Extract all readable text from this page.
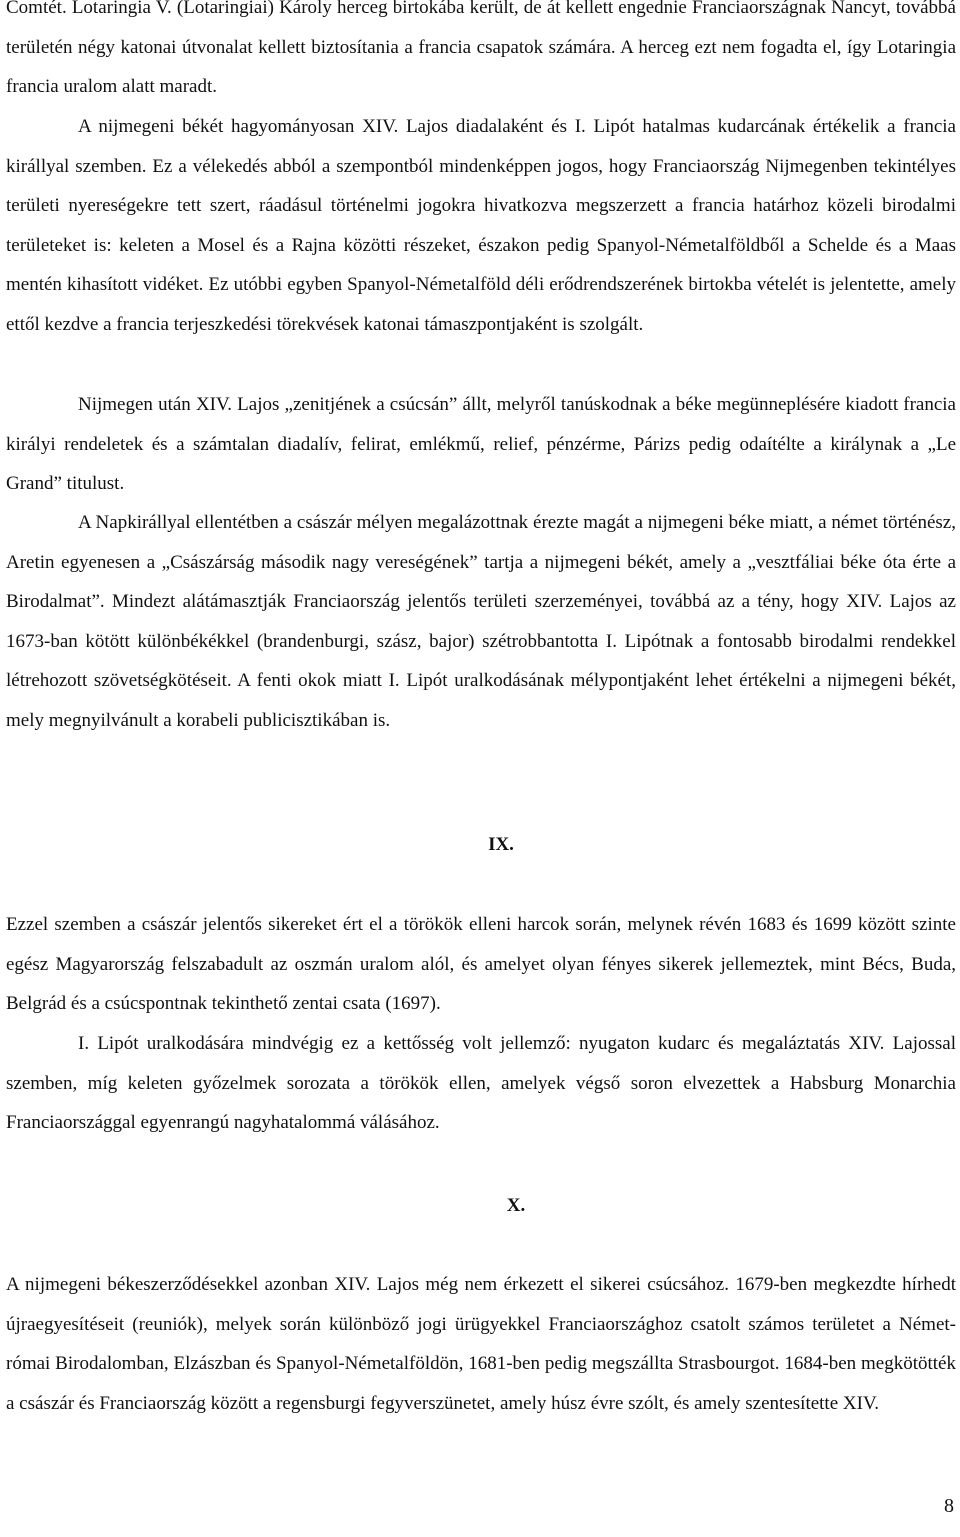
Comtét. Lotaringia V. (Lotaringiai) Károly herceg birtokába került, de át kellett engednie Franciaországnak Nancyt, továbbá területén négy katonai útvonalat kellett biztosítania a francia csapatok számára. A herceg ezt nem fogadta el, így Lotaringia francia uralom alatt maradt.

A nijmegeni békét hagyományosan XIV. Lajos diadalaként és I. Lipót hatalmas kudarcának értékelik a francia királlyal szemben. Ez a vélekedés abból a szempontból mindenképpen jogos, hogy Franciaország Nijmegenben tekintélyes területi nyereségekre tett szert, ráadásul történelmi jogokra hivatkozva megszerzett a francia határhoz közeli birodalmi területeket is: keleten a Mosel és a Rajna közötti részeket, északon pedig Spanyol-Németalföldből a Schelde és a Maas mentén kihasított vidéket. Ez utóbbi egyben Spanyol-Németalföld déli erődrendszerének birtokba vételét is jelentette, amely ettől kezdve a francia terjeszkedési törekvések katonai támaszpontjaként is szolgált.

Nijmegen után XIV. Lajos „zenitjének a csúcsán” állt, melyről tanúskodnak a béke megünneplésére kiadott francia királyi rendeletek és a számtalan diadalív, felirat, emlékmű, relief, pénzérme, Párizs pedig odaítélte a királynak a „Le Grand” titulust.

A Napkirállyal ellentétben a császár mélyen megalázottnak érezte magát a nijmegeni béke miatt, a német történész, Aretin egyenesen a „Császárság második nagy vereségének” tartja a nijmegeni békét, amely a „vesztfáliai béke óta érte a Birodalmat”. Mindezt alátámasztják Franciaország jelentős területi szerzeményei, továbbá az a tény, hogy XIV. Lajos az 1673-ban kötött különbékékkel (brandenburgi, szász, bajor) szétrobbantotta I. Lipótnak a fontosabb birodalmi rendekkel létrehozott szövetségkötéseit. A fenti okok miatt I. Lipót uralkodásának mélypontjaként lehet értékelni a nijmegeni békét, mely megnyilvánult a korabeli publicisztikában is.

IX.

Ezzel szemben a császár jelentős sikereket ért el a törökök elleni harcok során, melynek révén 1683 és 1699 között szinte egész Magyarország felszabadult az oszmán uralom alól, és amelyet olyan fényes sikerek jellemeztek, mint Bécs, Buda, Belgrád és a csúcspontnak tekinthető zentai csata (1697).

I. Lipót uralkodására mindvégig ez a kettősség volt jellemző: nyugaton kudarc és megaláztatás XIV. Lajossal szemben, míg keleten győzelmek sorozata a törökök ellen, amelyek végső soron elvezettek a Habsburg Monarchia Franciaországgal egyenrangú nagyhatalommá válásához.

X.

A nijmegeni békeszerződésekkel azonban XIV. Lajos még nem érkezett el sikerei csúcsához. 1679-ben megkezdte hírhedt újraegyesítéseit (reuniók), melyek során különböző jogi ürügyekkel Franciaországhoz csatolt számos területet a Német-római Birodalomban, Elzászban és Spanyol-Németalföldön, 1681-ben pedig megszállta Strasbourgot. 1684-ben megkötötték a császár és Franciaország között a regensburgi fegyverszünetet, amely húsz évre szólt, és amely szentesítette XIV.

8
